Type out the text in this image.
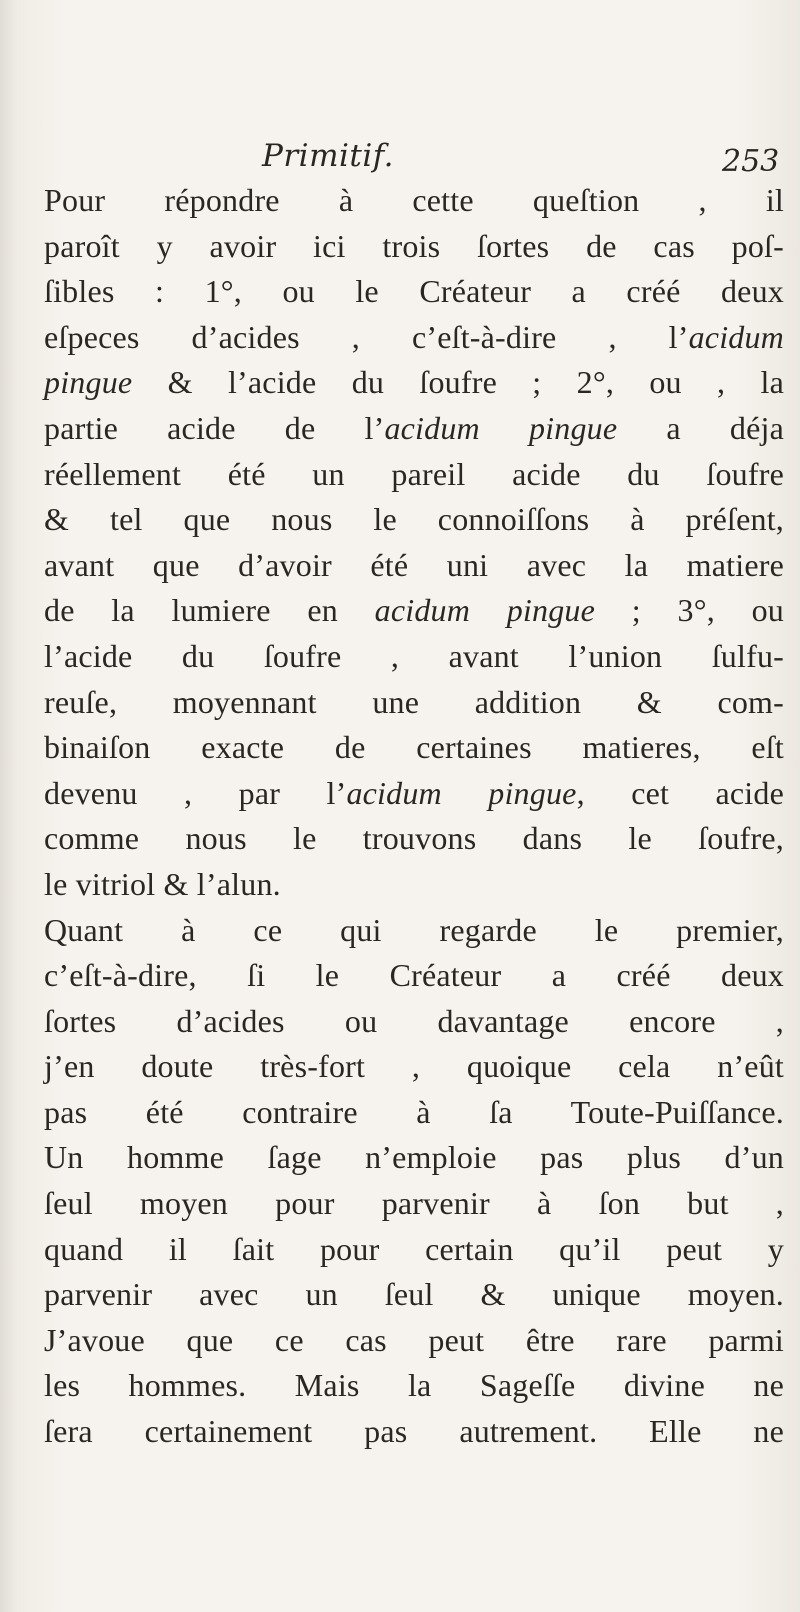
Primitif.	253
Pour répondre à cette queſtion , il
paroît y avoir ici trois ſortes de cas poſ-
ſibles : 1°, ou le Créateur a créé deux
eſpeces d’acides , c’eſt-à-dire , l’acidum
pingue & l’acide du ſoufre ; 2°, ou , la
partie acide de l’acidum pingue a déja
réellement été un pareil acide du ſoufre
& tel que nous le connoiſſons à préſent,
avant que d’avoir été uni avec la matiere
de la lumiere en acidum pingue ; 3°, ou
l’acide du ſoufre , avant l’union ſulfu-
reuſe, moyennant une addition & com-
binaiſon exacte de certaines matieres, eſt
devenu , par l’acidum pingue, cet acide
comme nous le trouvons dans le ſoufre,
le vitriol & l’alun.
Quant à ce qui regarde le premier,
c’eſt-à-dire, ſi le Créateur a créé deux
ſortes d’acides ou davantage encore ,
j’en doute très-fort , quoique cela n’eût
pas été contraire à ſa Toute-Puiſſance.
Un homme ſage n’emploie pas plus d’un
ſeul moyen pour parvenir à ſon but ,
quand il ſait pour certain qu’il peut y
parvenir avec un ſeul & unique moyen.
J’avoue que ce cas peut être rare parmi
les hommes. Mais la Sageſſe divine ne
ſera certainement pas autrement. Elle ne
